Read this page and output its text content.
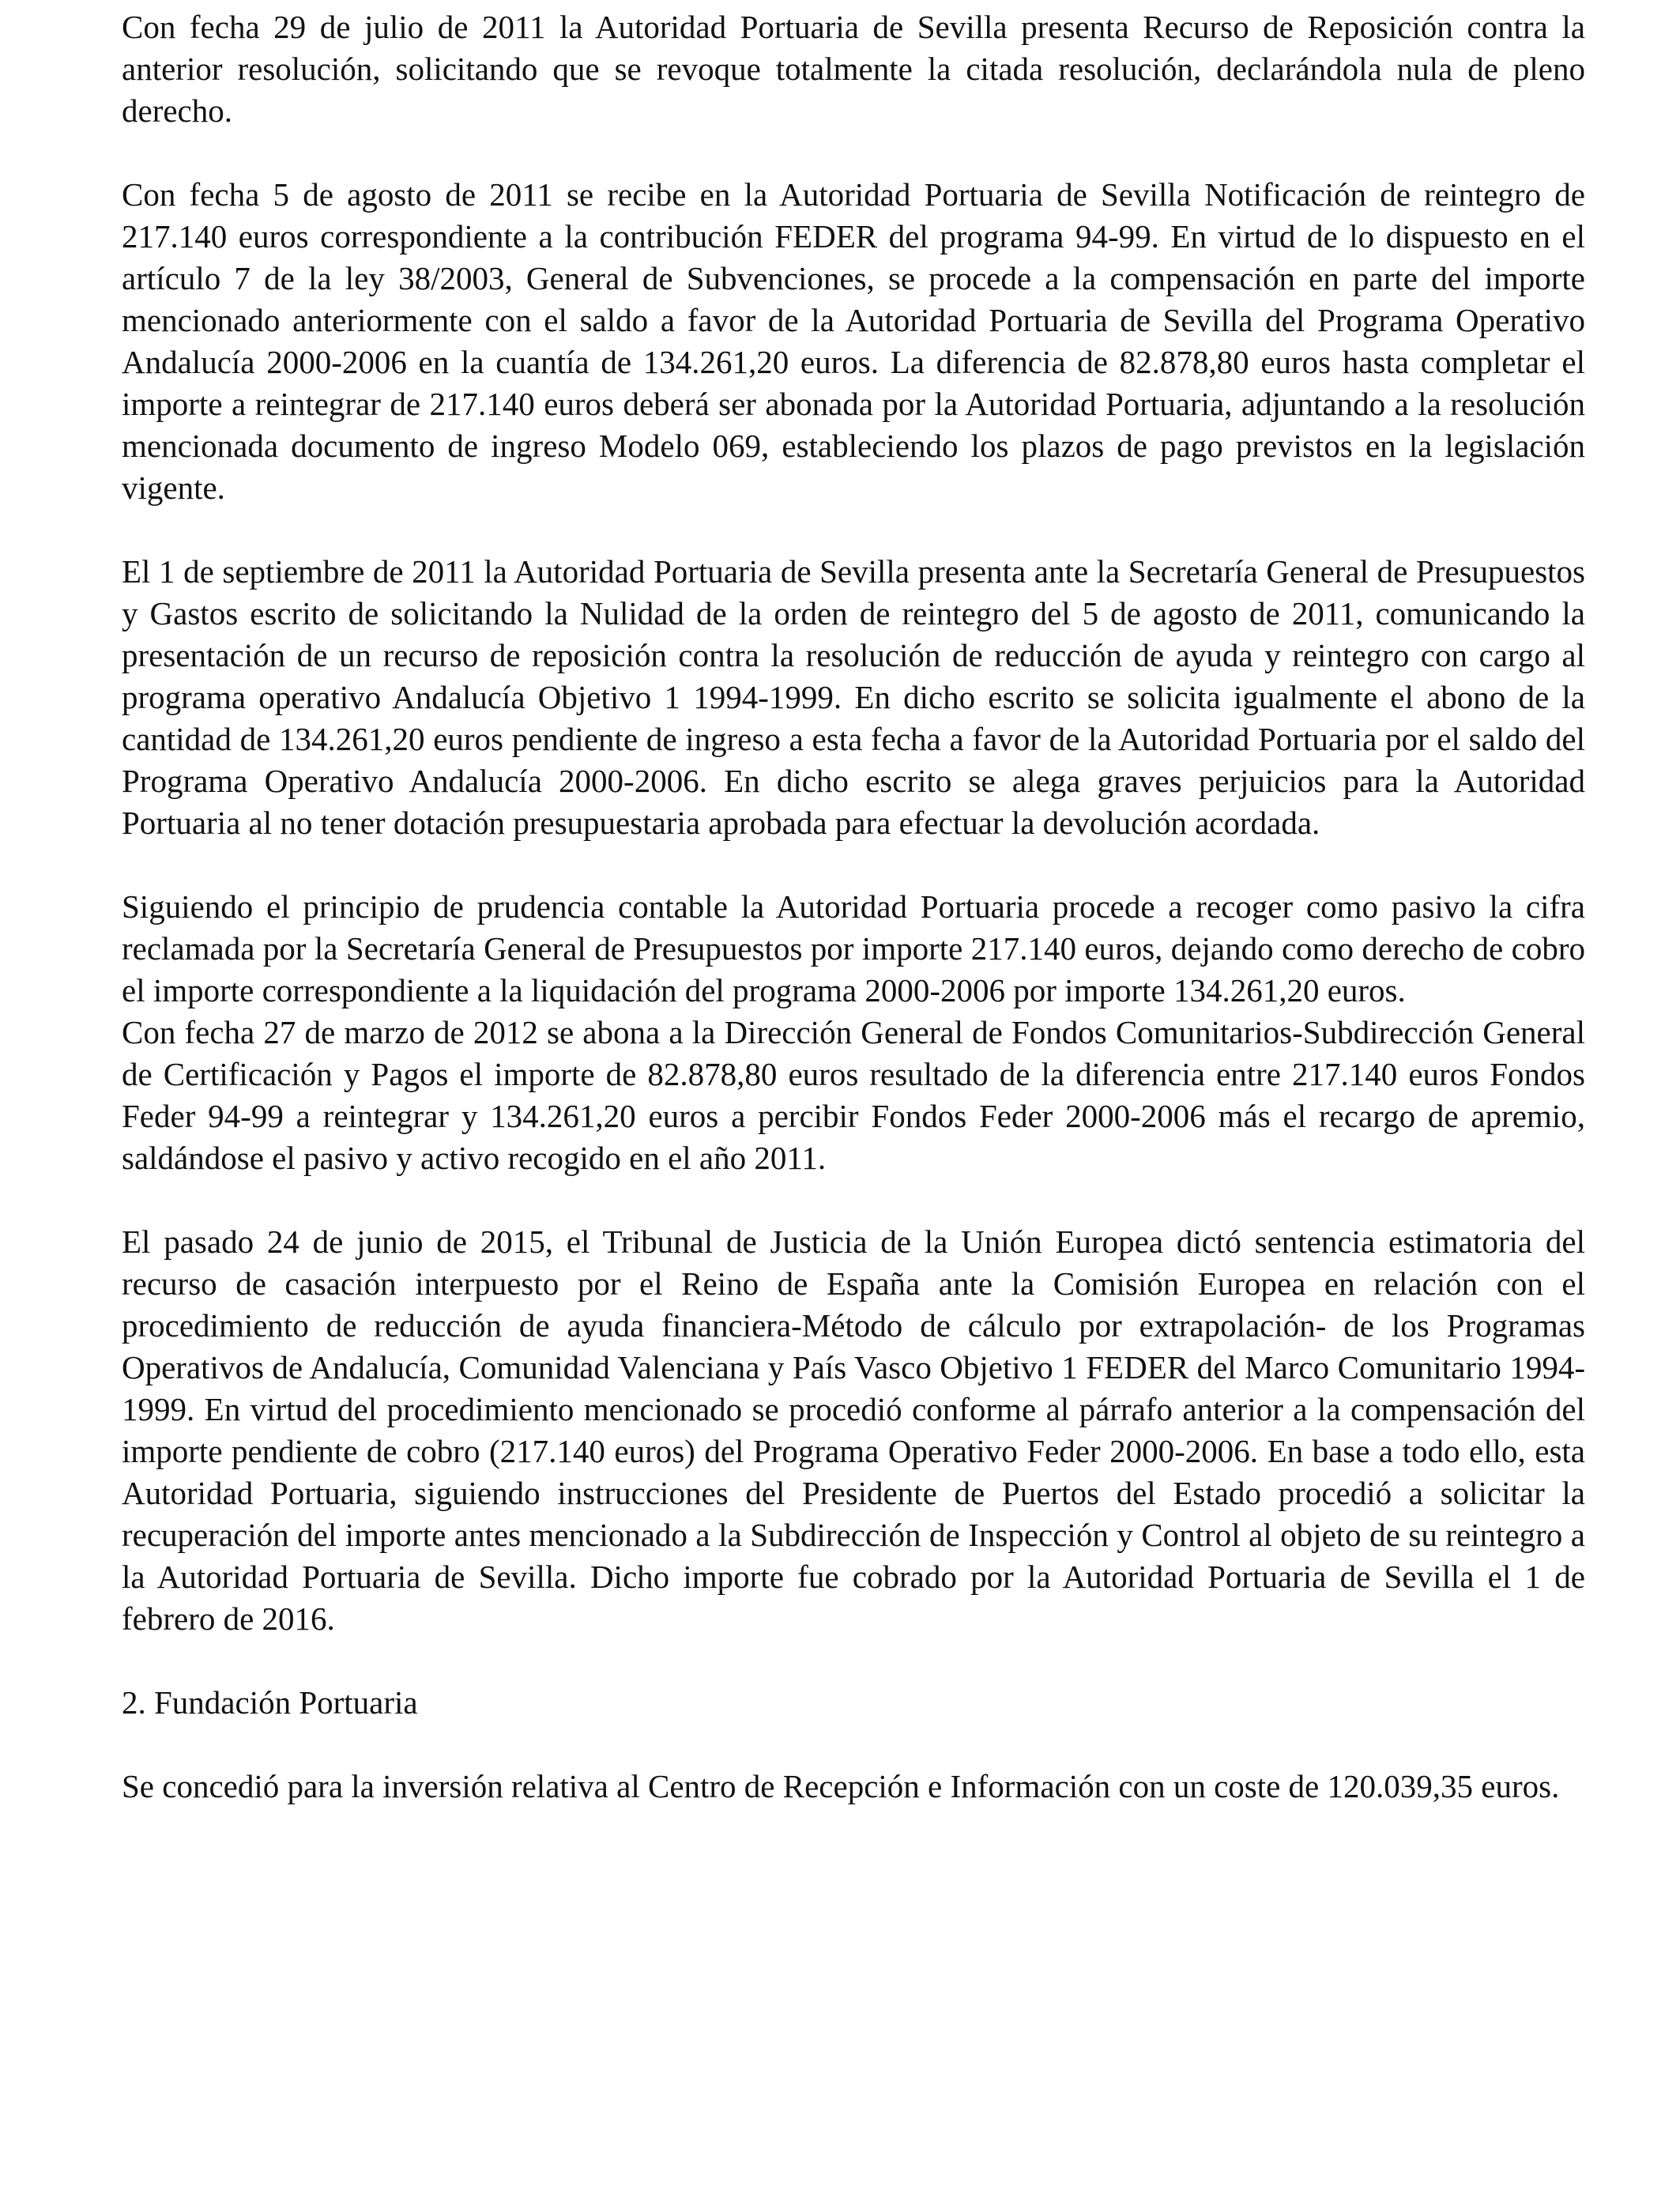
Con fecha 29 de julio de 2011 la Autoridad Portuaria de Sevilla presenta Recurso de Reposición contra la anterior resolución, solicitando que se revoque totalmente la citada resolución, declarándola nula de pleno derecho.

Con fecha 5 de agosto de 2011 se recibe en la Autoridad Portuaria de Sevilla Notificación de reintegro de 217.140 euros correspondiente a la contribución FEDER del programa 94-99. En virtud de lo dispuesto en el artículo 7 de la ley 38/2003, General de Subvenciones, se procede a la compensación en parte del importe mencionado anteriormente con el saldo a favor de la Autoridad Portuaria de Sevilla del Programa Operativo Andalucía 2000-2006 en la cuantía de 134.261,20 euros. La diferencia de 82.878,80 euros hasta completar el importe a reintegrar de 217.140 euros deberá ser abonada por la Autoridad Portuaria, adjuntando a la resolución mencionada documento de ingreso Modelo 069, estableciendo los plazos de pago previstos en la legislación vigente.

El 1 de septiembre de 2011 la Autoridad Portuaria de Sevilla presenta ante la Secretaría General de Presupuestos y Gastos escrito de solicitando la Nulidad de la orden de reintegro del 5 de agosto de 2011, comunicando la presentación de un recurso de reposición contra la resolución de reducción de ayuda y reintegro con cargo al programa operativo Andalucía Objetivo 1 1994-1999. En dicho escrito se solicita igualmente el abono de la cantidad de 134.261,20 euros pendiente de ingreso a esta fecha a favor de la Autoridad Portuaria por el saldo del Programa Operativo Andalucía 2000-2006. En dicho escrito se alega graves perjuicios para la Autoridad Portuaria al no tener dotación presupuestaria aprobada para efectuar la devolución acordada.

Siguiendo el principio de prudencia contable la Autoridad Portuaria procede a recoger como pasivo la cifra reclamada por la Secretaría General de Presupuestos por importe 217.140 euros, dejando como derecho de cobro el importe correspondiente a la liquidación del programa 2000-2006 por importe 134.261,20 euros.

Con fecha 27 de marzo de 2012 se abona a la Dirección General de Fondos Comunitarios-Subdirección General de Certificación y Pagos el importe de 82.878,80 euros resultado de la diferencia entre 217.140 euros Fondos Feder 94-99 a reintegrar y 134.261,20 euros a percibir Fondos Feder 2000-2006 más el recargo de apremio, saldándose el pasivo y activo recogido en el año 2011.

El pasado 24 de junio de 2015, el Tribunal de Justicia de la Unión Europea dictó sentencia estimatoria del recurso de casación interpuesto por el Reino de España ante la Comisión Europea en relación con el procedimiento de reducción de ayuda financiera-Método de cálculo por extrapolación- de los Programas Operativos de Andalucía, Comunidad Valenciana y País Vasco Objetivo 1 FEDER del Marco Comunitario 1994-1999. En virtud del procedimiento mencionado se procedió conforme al párrafo anterior a la compensación del importe pendiente de cobro (217.140 euros) del Programa Operativo Feder 2000-2006. En base a todo ello, esta Autoridad Portuaria, siguiendo instrucciones del Presidente de Puertos del Estado procedió a solicitar la recuperación del importe antes mencionado a la Subdirección de Inspección y Control al objeto de su reintegro a la Autoridad Portuaria de Sevilla. Dicho importe fue cobrado por la Autoridad Portuaria de Sevilla el 1 de febrero de 2016.

2. Fundación Portuaria

Se concedió para la inversión relativa al Centro de Recepción e Información con un coste de 120.039,35 euros.
